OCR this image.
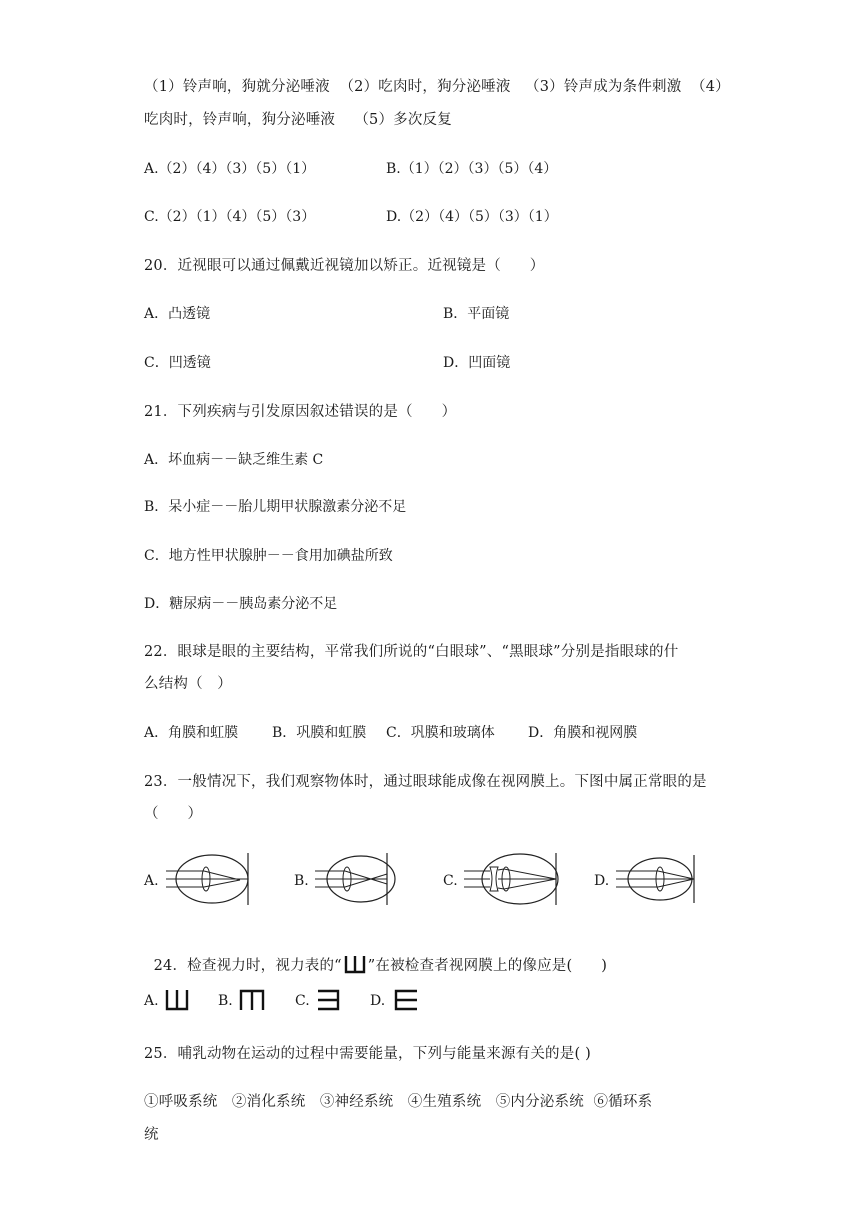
（1）铃声响，狗就分泌唾液  （2）吃肉时，狗分泌唾液   （3）铃声成为条件刺激  （4）
吃肉时，铃声响，狗分泌唾液    （5）多次反复
A.（2）（4）（3）（5）（1）	B.（1）（2）（3）（5）（4）
C.（2）（1）（4）（5）（3）	D.（2）（4）（5）（3）（1）
20．近视眼可以通过佩戴近视镜加以矫正。近视镜是（      ）
A．凸透镜	B．平面镜
C．凹透镜	D．凹面镜
21．下列疾病与引发原因叙述错误的是（      ）
A．坏血病－－缺乏维生素 C
B．呆小症－－胎儿期甲状腺激素分泌不足
C．地方性甲状腺肿－－食用加碘盐所致
D．糖尿病－－胰岛素分泌不足
22．眼球是眼的主要结构，平常我们所说的“白眼球”、“黑眼球”分别是指眼球的什
么结构（   ）
A．角膜和虹膜 B．巩膜和虹膜 C．巩膜和玻璃体 D．角膜和视网膜
23．一般情况下，我们观察物体时，通过眼球能成像在视网膜上。下图中属正常眼的是
（      ）
A.	B.	C.	D.

24．检查视力时，视力表的“ ”在被检查者视网膜上的像应是(      )

A.	B.	C.	D.
25．哺乳动物在运动的过程中需要能量，下列与能量来源有关的是( )
①呼吸系统   ②消化系统   ③神经系统   ④生殖系统   ⑤内分泌系统  ⑥循环系
统
